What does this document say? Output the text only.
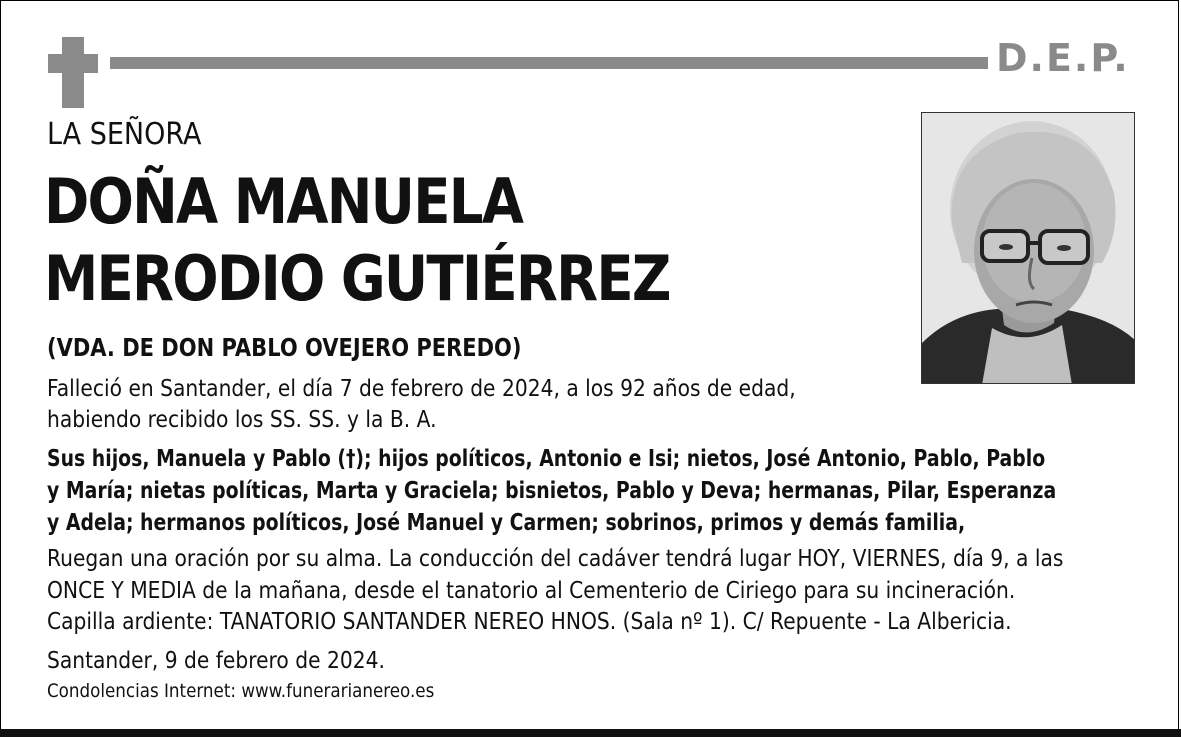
D.E.P.
LA SEÑORA
DOÑA MANUELA
MERODIO GUTIÉRREZ
(VDA. DE DON PABLO OVEJERO PEREDO)
Falleció en Santander, el día 7 de febrero de 2024, a los 92 años de edad,
habiendo recibido los SS. SS. y la B. A.
Sus hijos, Manuela y Pablo (†); hijos políticos, Antonio e Isi; nietos, José Antonio, Pablo, Pablo
y María; nietas políticas, Marta y Graciela; bisnietos, Pablo y Deva; hermanas, Pilar, Esperanza
y Adela; hermanos políticos, José Manuel y Carmen; sobrinos, primos y demás familia,
Ruegan una oración por su alma. La conducción del cadáver tendrá lugar HOY, VIERNES, día 9, a las
ONCE Y MEDIA de la mañana, desde el tanatorio al Cementerio de Ciriego para su incineración.
Capilla ardiente: TANATORIO SANTANDER NEREO HNOS. (Sala nº 1). C/ Repuente - La Albericia.
Santander, 9 de febrero de 2024.
Condolencias Internet: www.funerarianereo.es
